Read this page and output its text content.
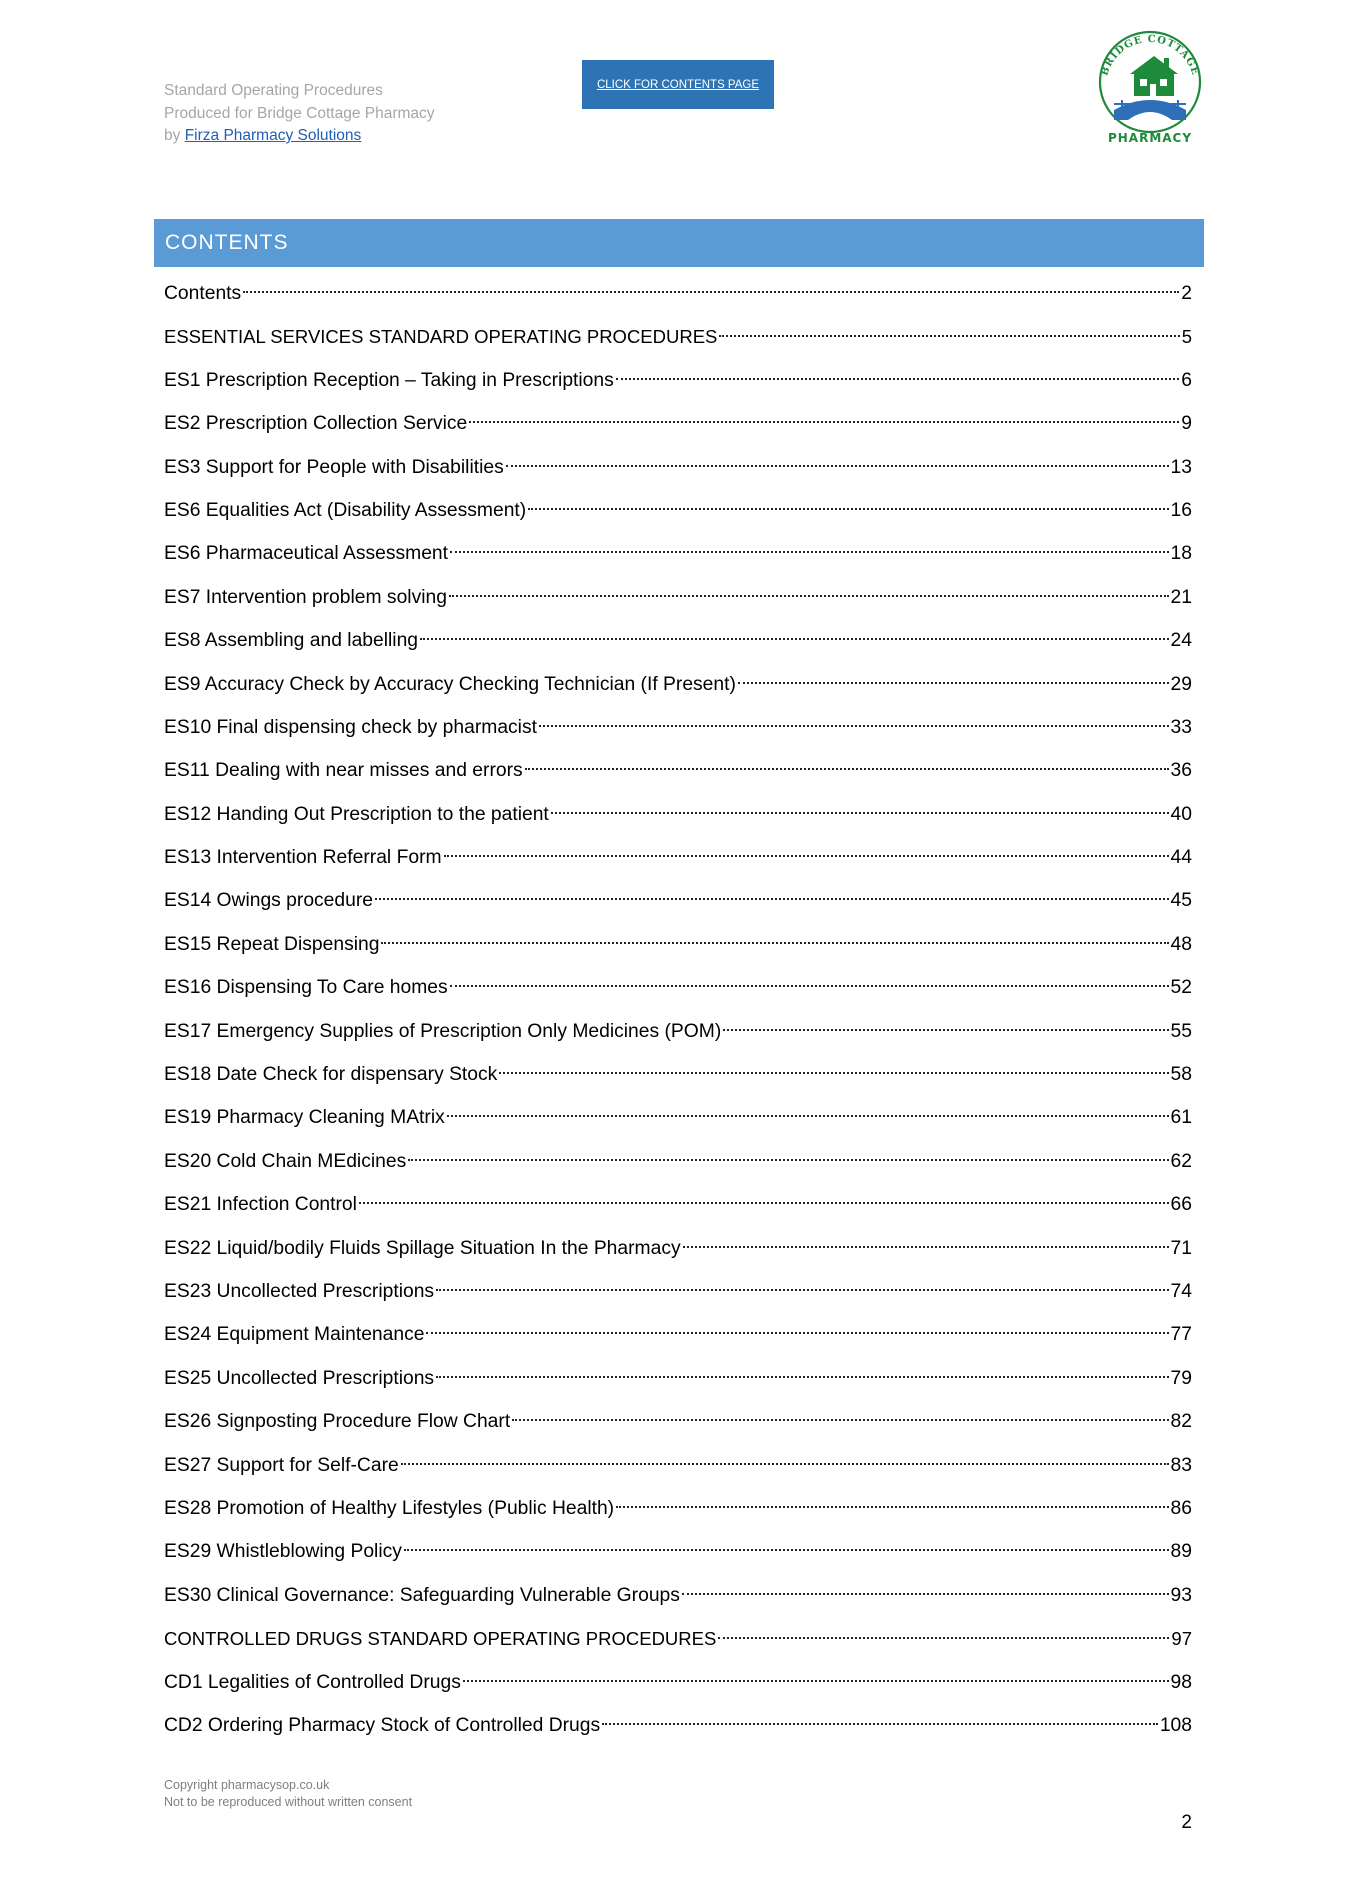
Standard Operating Procedures
Produced for Bridge Cottage Pharmacy
by Firza Pharmacy Solutions
CLICK FOR CONTENTS PAGE
BRIDGE COTTAGE
PHARMACY
CONTENTS
Contents	2
ESSENTIAL SERVICES STANDARD OPERATING PROCEDURES	5
ES1 Prescription Reception – Taking in Prescriptions	6
ES2 Prescription Collection Service	9
ES3 Support for People with Disabilities	13
ES6 Equalities Act (Disability Assessment)	16
ES6 Pharmaceutical Assessment	18
ES7 Intervention problem solving	21
ES8 Assembling and labelling	24
ES9 Accuracy Check by Accuracy Checking Technician (If Present)	29
ES10 Final dispensing check by pharmacist	33
ES11 Dealing with near misses and errors	36
ES12 Handing Out Prescription to the patient	40
ES13 Intervention Referral Form	44
ES14 Owings procedure	45
ES15 Repeat Dispensing	48
ES16 Dispensing To Care homes	52
ES17 Emergency Supplies of Prescription Only Medicines (POM)	55
ES18 Date Check for dispensary Stock	58
ES19 Pharmacy Cleaning MAtrix	61
ES20 Cold Chain MEdicines	62
ES21 Infection Control	66
ES22 Liquid/bodily Fluids Spillage Situation In the Pharmacy	71
ES23 Uncollected Prescriptions	74
ES24 Equipment Maintenance	77
ES25 Uncollected Prescriptions	79
ES26 Signposting Procedure Flow Chart	82
ES27 Support for Self-Care	83
ES28 Promotion of Healthy Lifestyles (Public Health)	86
ES29 Whistleblowing Policy	89
ES30 Clinical Governance: Safeguarding Vulnerable Groups	93
CONTROLLED DRUGS STANDARD OPERATING PROCEDURES	97
CD1 Legalities of Controlled Drugs	98
CD2 Ordering Pharmacy Stock of Controlled Drugs	108
Copyright pharmacysop.co.uk
Not to be reproduced without written consent
2
